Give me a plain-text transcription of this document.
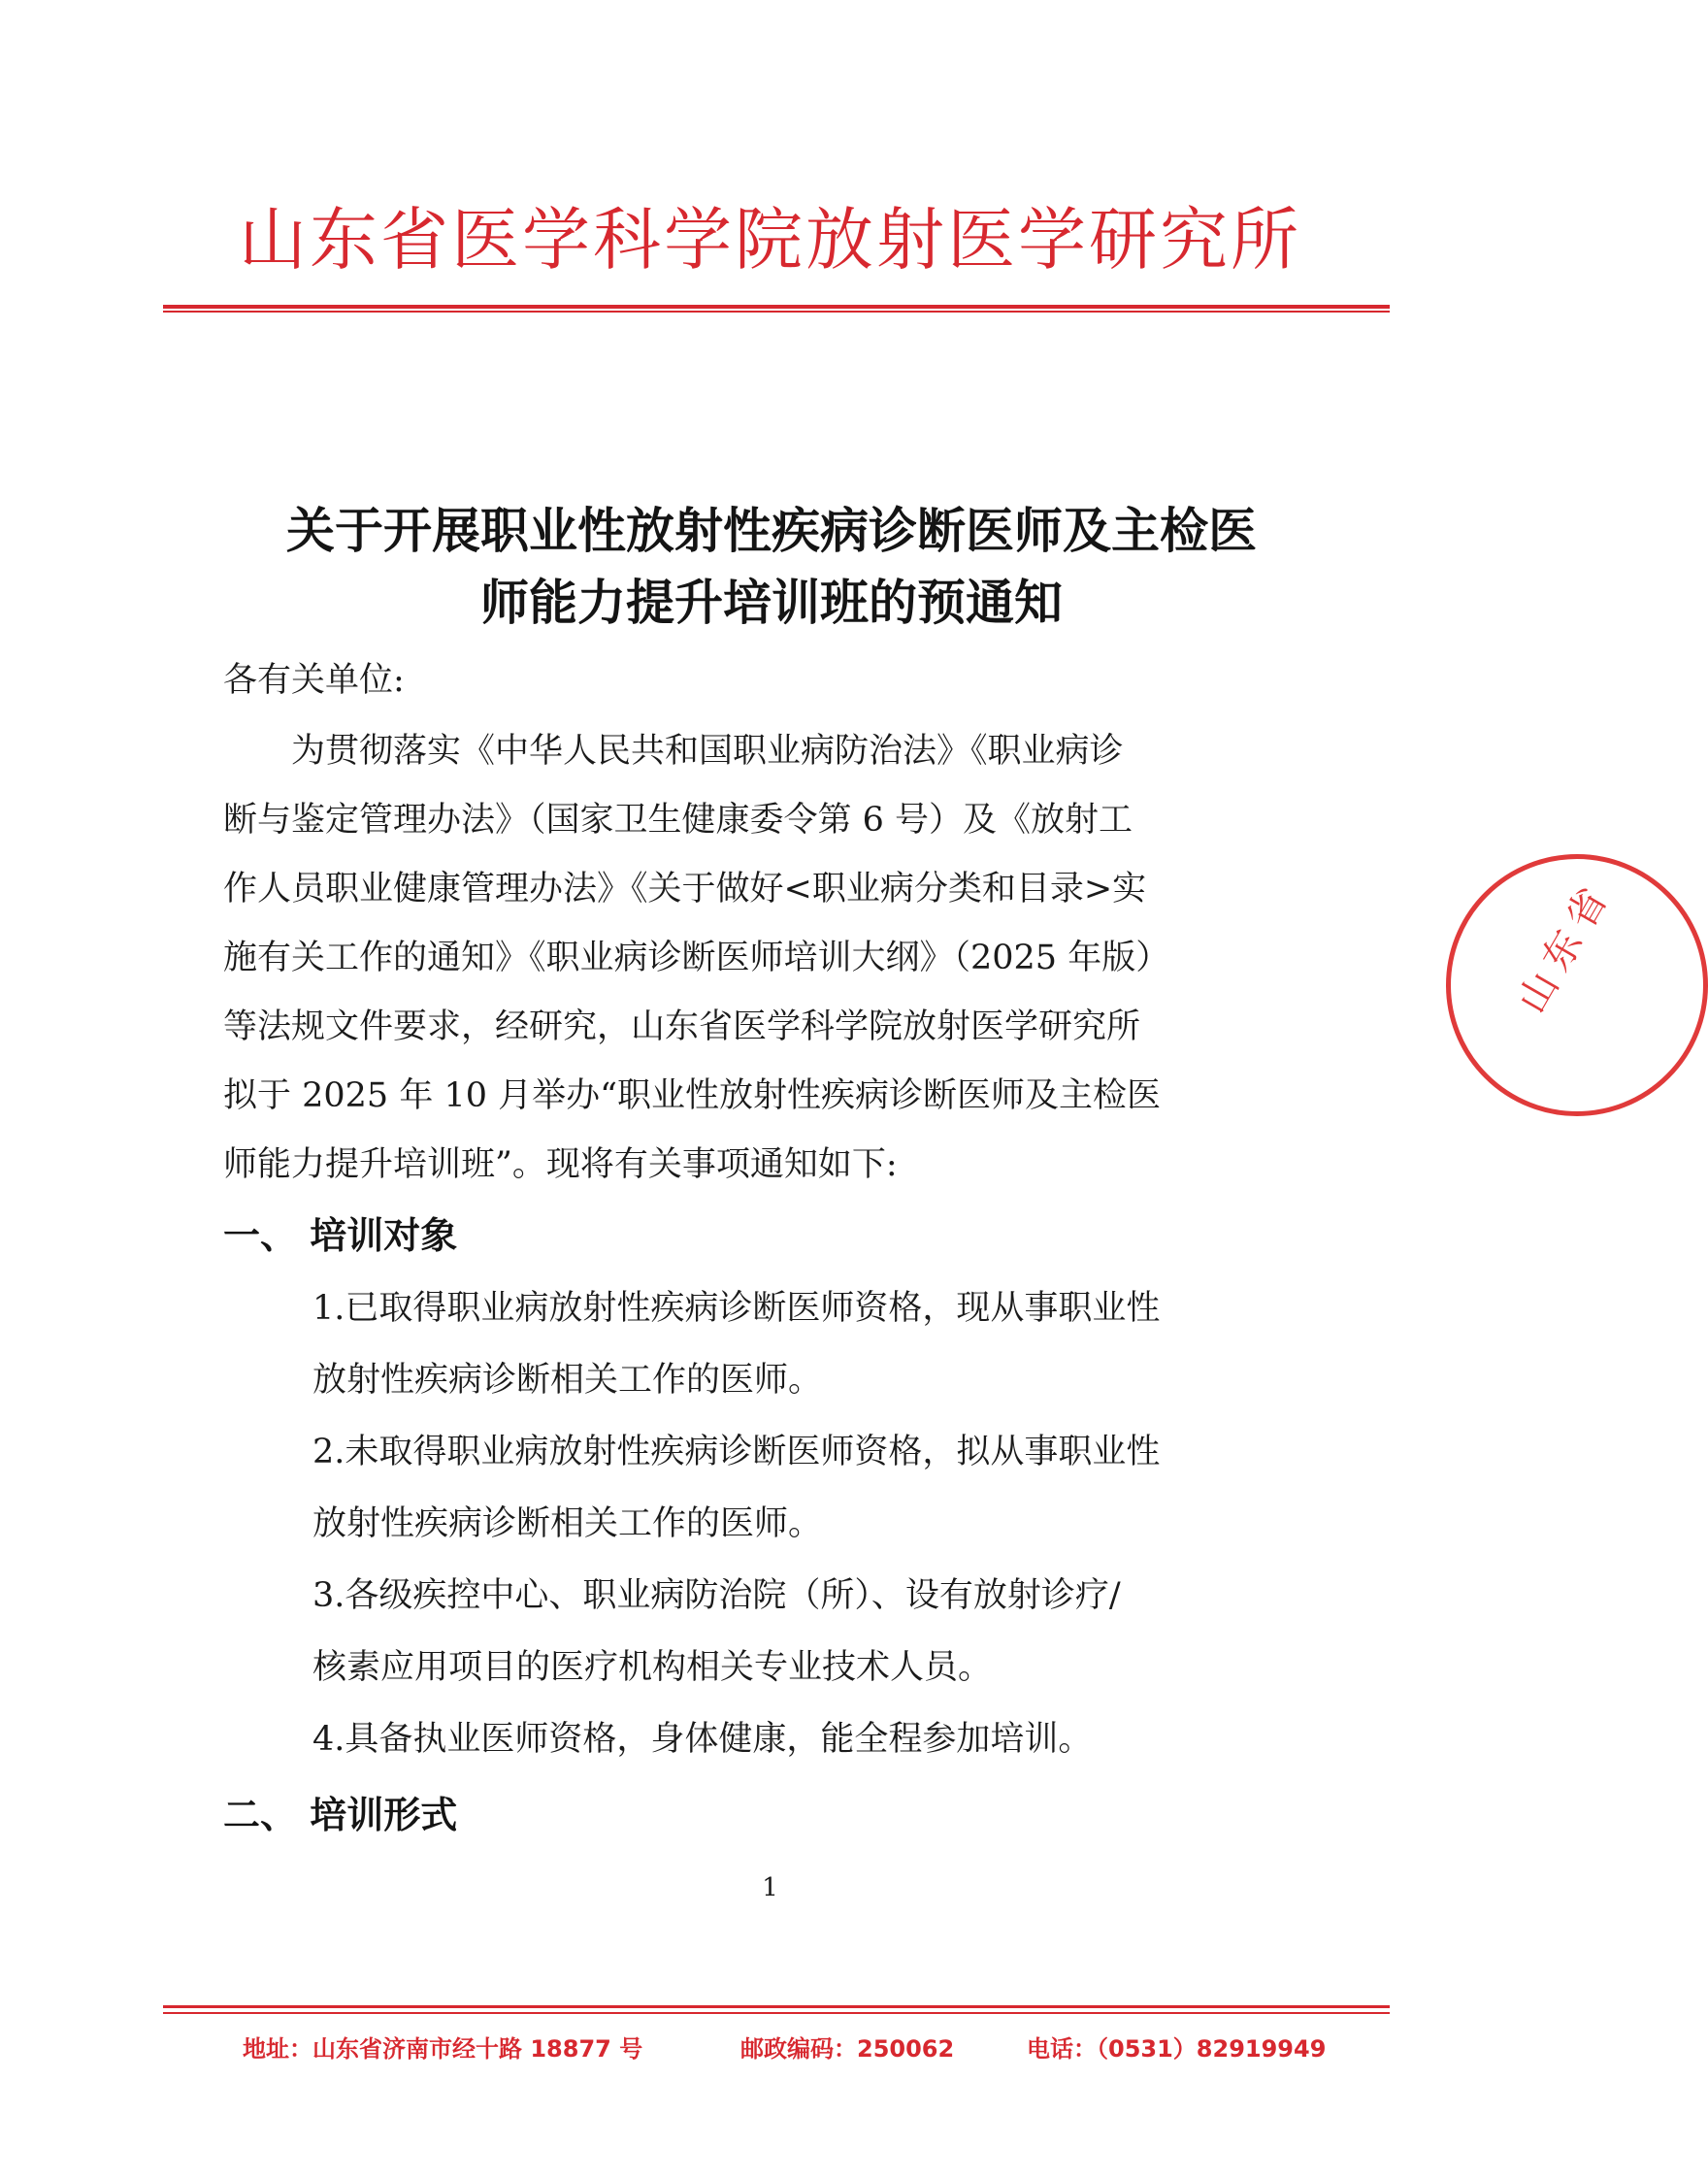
山东省医学科学院放射医学研究所
山东省
关于开展职业性放射性疾病诊断医师及主检医
师能力提升培训班的预通知
各有关单位:
为贯彻落实《中华人民共和国职业病防治法》《职业病诊
断与鉴定管理办法》（国家卫生健康委令第 6 号）及《放射工
作人员职业健康管理办法》《关于做好<职业病分类和目录>实
施有关工作的通知》《职业病诊断医师培训大纲》（2025 年版）
等法规文件要求，经研究，山东省医学科学院放射医学研究所
拟于 2025 年 10 月举办“职业性放射性疾病诊断医师及主检医
师能力提升培训班”。现将有关事项通知如下:
一、 培训对象
1.已取得职业病放射性疾病诊断医师资格，现从事职业性
放射性疾病诊断相关工作的医师。
2.未取得职业病放射性疾病诊断医师资格，拟从事职业性
放射性疾病诊断相关工作的医师。
3.各级疾控中心、职业病防治院（所）、设有放射诊疗/
核素应用项目的医疗机构相关专业技术人员。
4.具备执业医师资格，身体健康，能全程参加培训。
二、 培训形式
1
地址：山东省济南市经十路 18877 号	邮政编码：250062	电话：（0531）82919949
